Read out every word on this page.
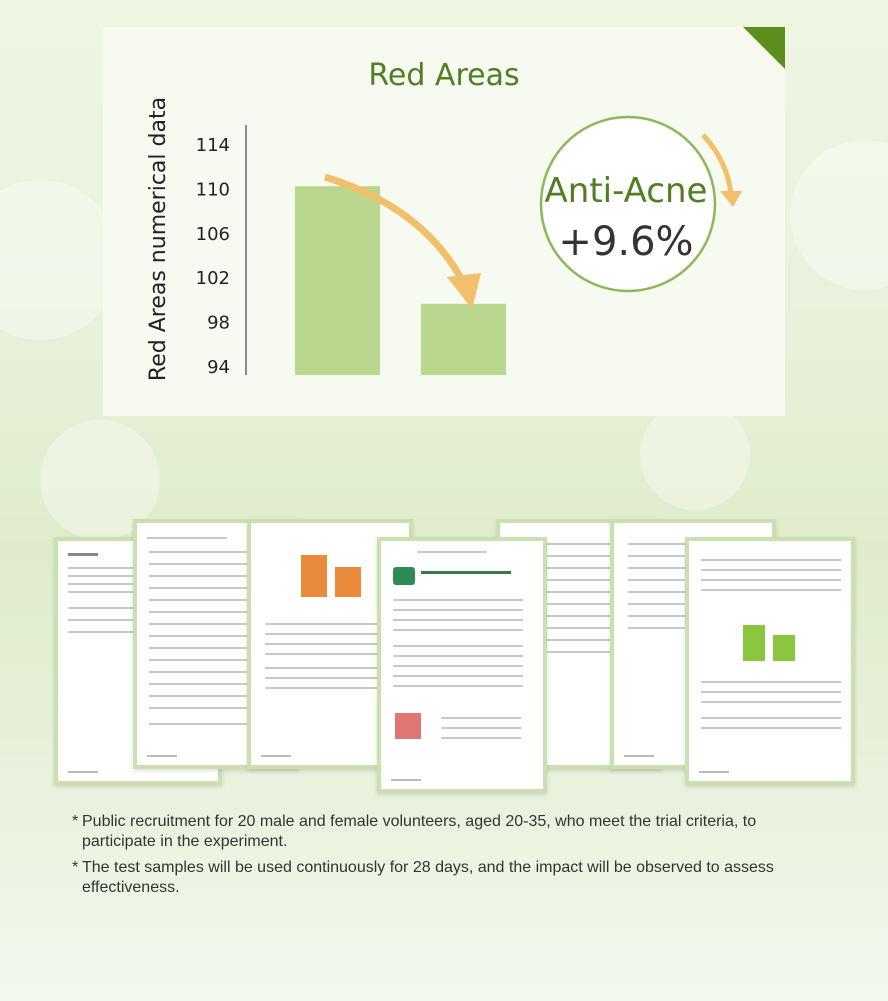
Red Areas
Red Areas numerical data 114
110
106
102
98
94
Anti-Acne
+9.6%
* Public recruitment for 20 male and female volunteers, aged 20-35, who meet the trial criteria, to participate in the experiment.
* The test samples will be used continuously for 28 days, and the impact will be observed to assess effectiveness.
